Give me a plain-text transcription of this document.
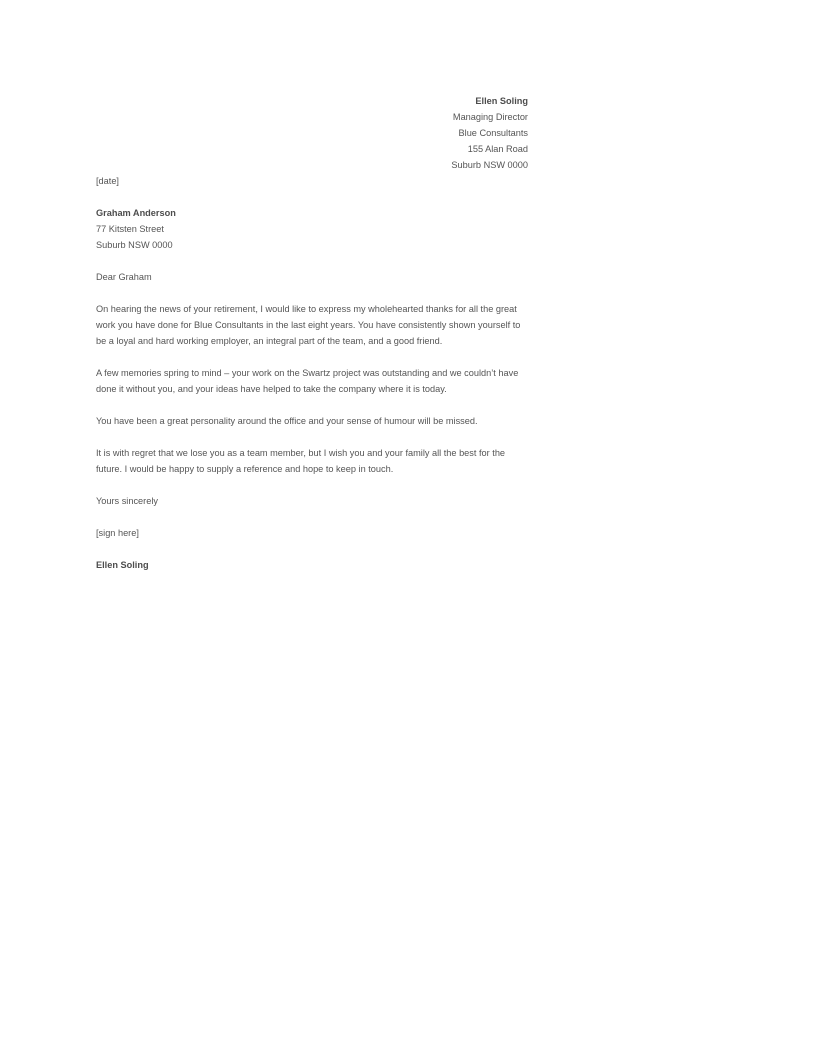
Ellen Soling
Managing Director
Blue Consultants
155 Alan Road
Suburb NSW 0000
[date]
Graham Anderson
77 Kitsten Street
Suburb NSW 0000
Dear Graham
On hearing the news of your retirement, I would like to express my wholehearted thanks for all the great
work you have done for Blue Consultants in the last eight years. You have consistently shown yourself to
be a loyal and hard working employer, an integral part of the team, and a good friend.
A few memories spring to mind – your work on the Swartz project was outstanding and we couldn’t have
done it without you, and your ideas have helped to take the company where it is today.
You have been a great personality around the office and your sense of humour will be missed.
It is with regret that we lose you as a team member, but I wish you and your family all the best for the
future. I would be happy to supply a reference and hope to keep in touch.
Yours sincerely
[sign here]
Ellen Soling
